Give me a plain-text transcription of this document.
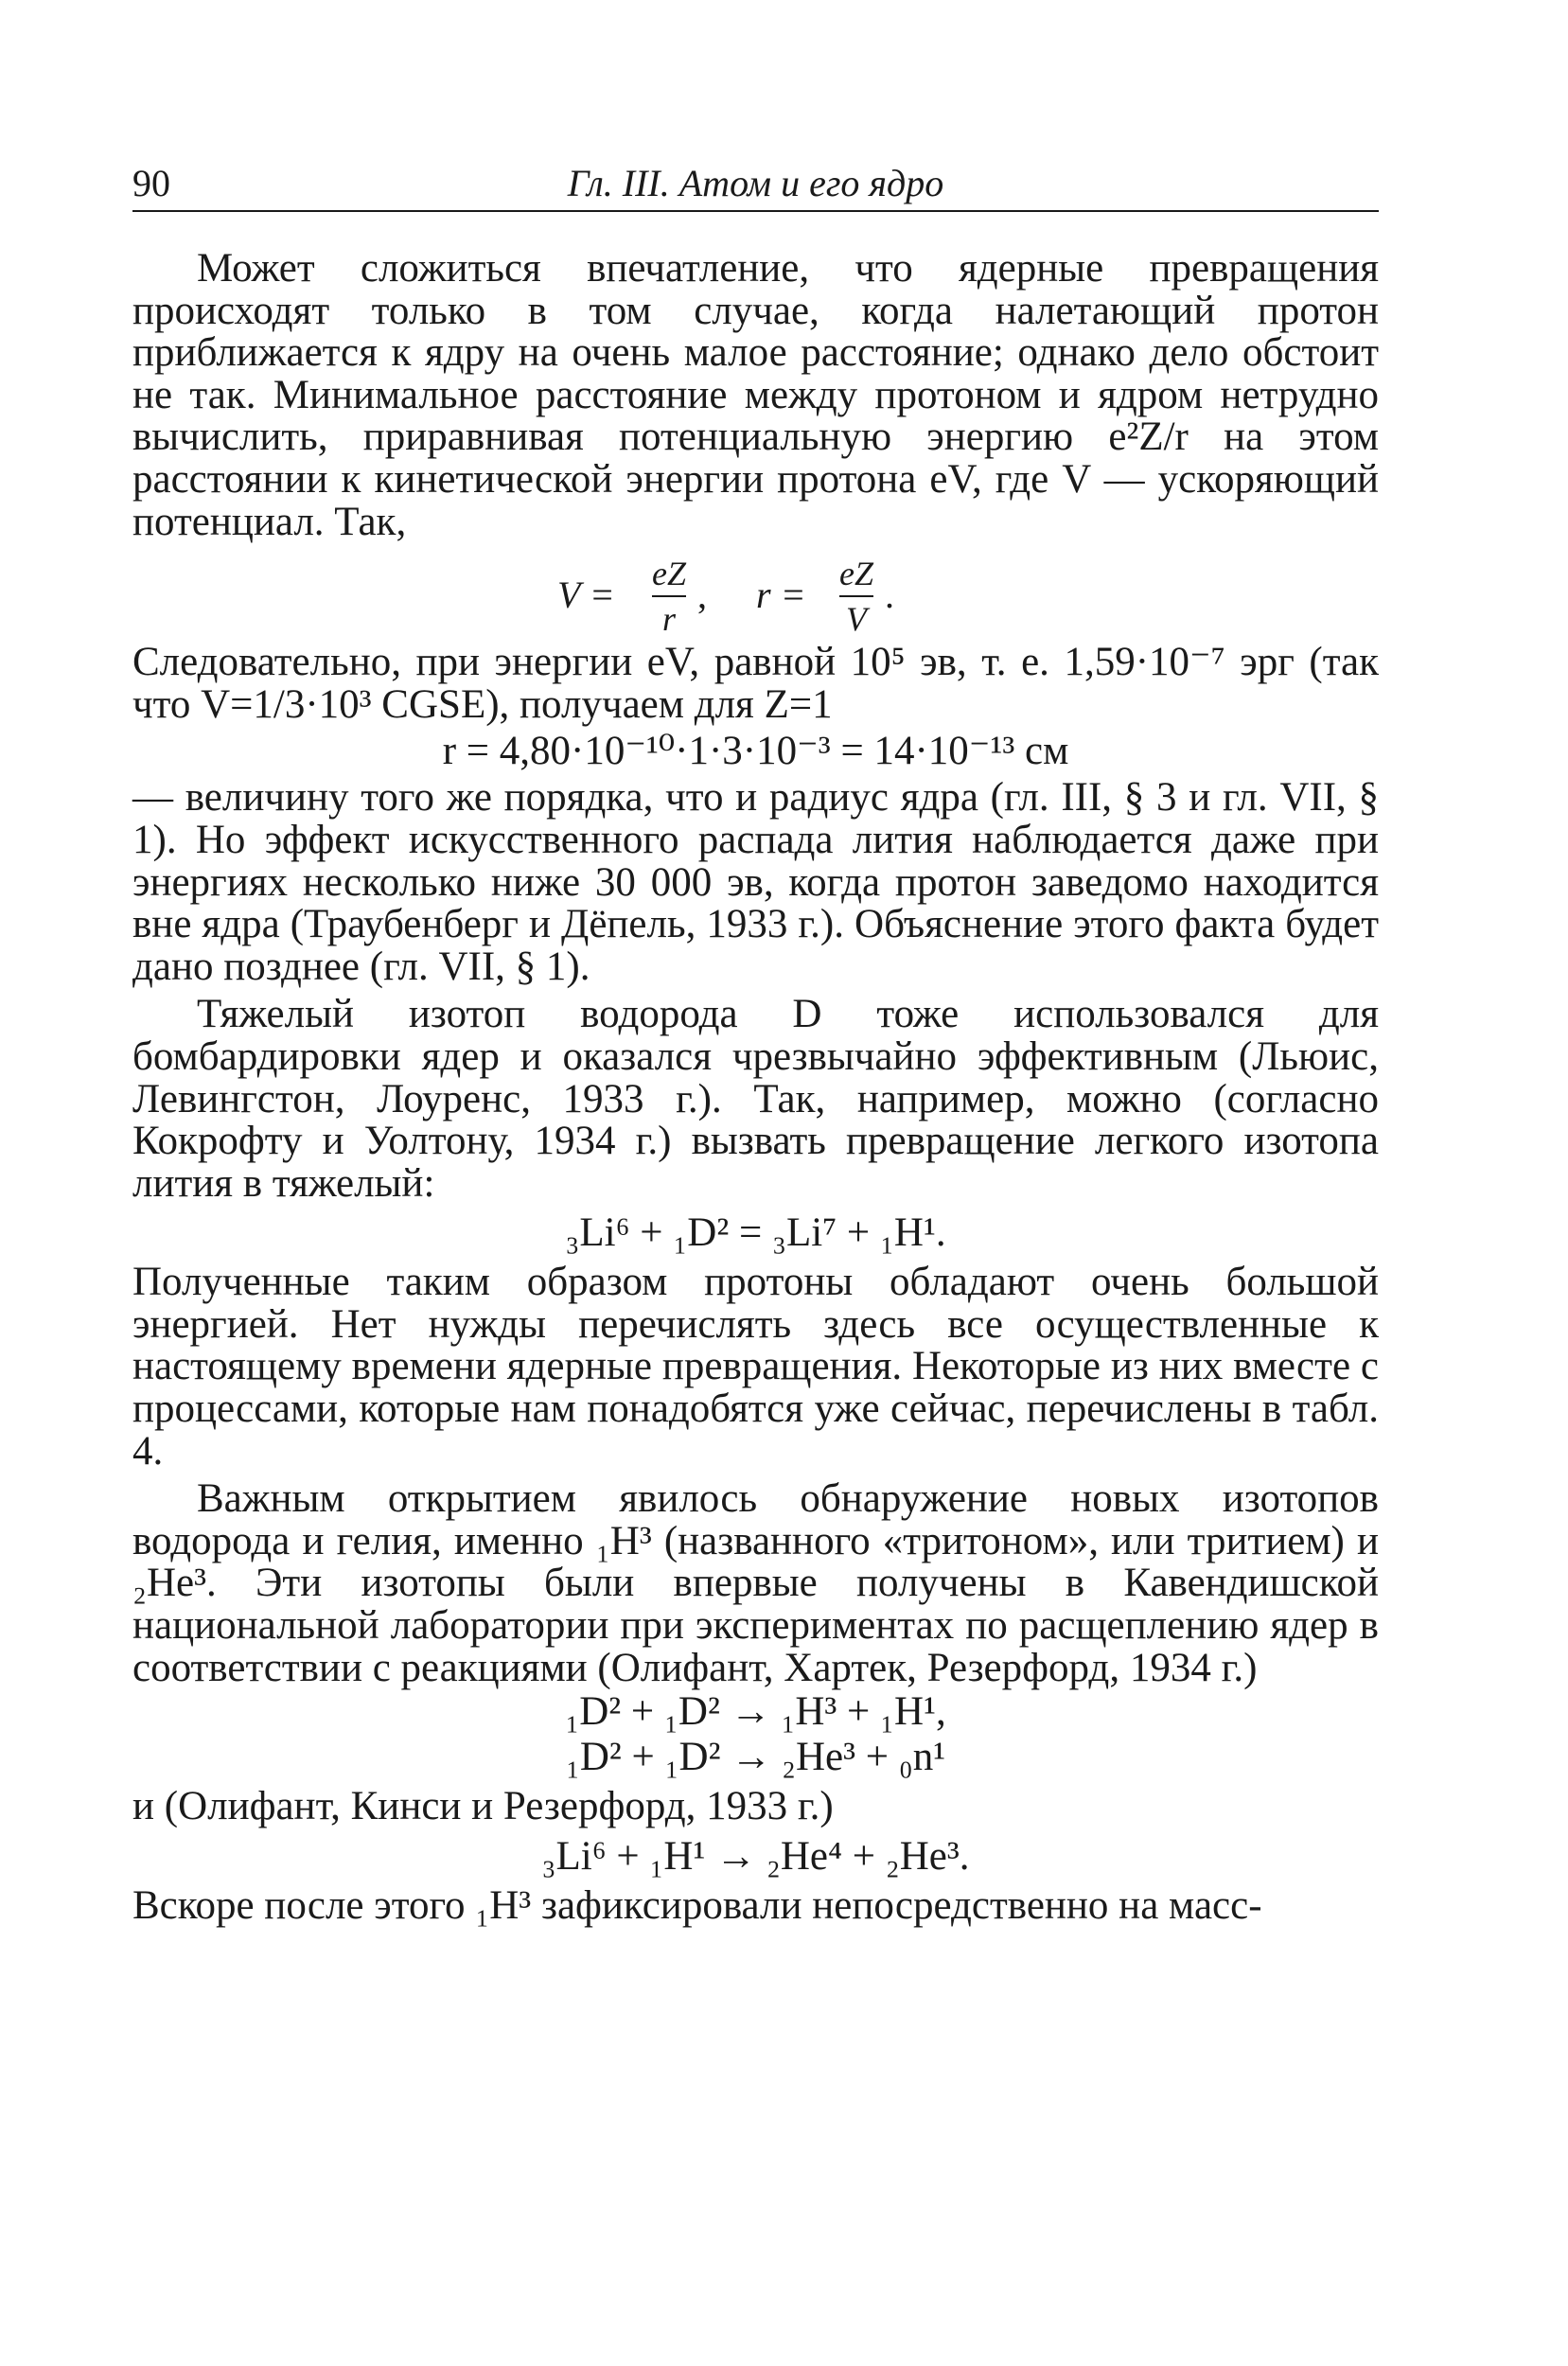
90	Гл. III. Атом и его ядро

Может сложиться впечатление, что ядерные превращения происходят только в том случае, когда налетающий протон приближается к ядру на очень малое расстояние; однако дело обстоит не так. Минимальное расстояние между протоном и ядром нетрудно вычислить, приравнивая потенциальную энергию e²Z/r на этом расстоянии к кинетической энергии протона eV, где V — ускоряющий потенциал. Так,

V = eZ
r
, r = eZ
V
.

Следовательно, при энергии eV, равной 10⁵ эв, т. е. 1,59·10⁻⁷ эрг (так что V=1/3·10³ CGSE), получаем для Z=1

r = 4,80·10⁻¹⁰·1·3·10⁻³ = 14·10⁻¹³ см

— величину того же порядка, что и радиус ядра (гл. III, § 3 и гл. VII, § 1). Но эффект искусственного распада лития наблюдается даже при энергиях несколько ниже 30 000 эв, когда протон заведомо находится вне ядра (Траубенберг и Дёпель, 1933 г.). Объяснение этого факта будет дано позднее (гл. VII, § 1).

Тяжелый изотоп водорода D тоже использовался для бомбардировки ядер и оказался чрезвычайно эффективным (Льюис, Левингстон, Лоуренс, 1933 г.). Так, например, можно (согласно Кокрофту и Уолтону, 1934 г.) вызвать превращение легкого изотопа лития в тяжелый:

₃Li⁶ + ₁D² = ₃Li⁷ + ₁H¹.

Полученные таким образом протоны обладают очень большой энергией. Нет нужды перечислять здесь все осуществленные к настоящему времени ядерные превращения. Некоторые из них вместе с процессами, которые нам понадобятся уже сейчас, перечислены в табл. 4.

Важным открытием явилось обнаружение новых изотопов водорода и гелия, именно ₁H³ (названного «тритоном», или тритием) и ₂He³. Эти изотопы были впервые получены в Кавендишской национальной лаборатории при экспериментах по расщеплению ядер в соответствии с реакциями (Олифант, Хартек, Резерфорд, 1934 г.)

₁D² + ₁D² → ₁H³ + ₁H¹,
₁D² + ₁D² → ₂He³ + ₀n¹

и (Олифант, Кинси и Резерфорд, 1933 г.)

₃Li⁶ + ₁H¹ → ₂He⁴ + ₂He³.

Вскоре после этого ₁H³ зафиксировали непосредственно на масс-
